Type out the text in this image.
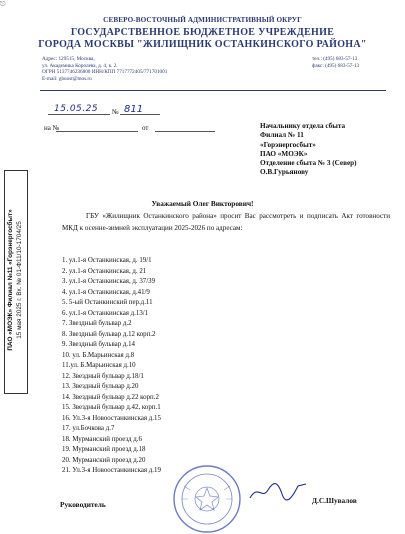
⎋
СЕВЕРО-ВОСТОЧНЫЙ АДМИНИСТРАТИВНЫЙ ОКРУГ
ГОСУДАРСТВЕННОЕ БЮДЖЕТНОЕ УЧРЕЖДЕНИЕ
ГОРОДА МОСКВЫ "ЖИЛИЩНИК ОСТАНКИНСКОГО РАЙОНА"
Адрес: 129515, Москва,
ул. Академика Королева, д. 4, к. 2.
ОГРН 5137746236800 ИНН/КПП 7717772405/771701001
E-mail: gbuost@mos.ru
тел.: (495) 683-57-13
факс: (495) 683-57-13
15.05.25 № 811
на №	от	Начальнику отдела сбыта
Филиал № 11
«Горэнергосбыт»
ПАО «МОЭК»
Отделение сбыта № 3 (Север)
О.В.Гурьянову
ПАО «МОЭК» Филиал №11 «Горэнергосбыт» 15 мая 2025 г. Вх. № 01-Ф11/10-1704/25
Уважаемый Олег Викторович!
ГБУ «Жилищник Останкинского района» просит Вас рассмотреть и подписать Акт готовности МКД к осенне-зимней эксплуатации 2025-2026 по адресам:
1. ул.1-я Останкинская, д. 19/1
2. ул.1-я Останкинская, д. 21
3. ул.1-я Останкинская, д. 37/39
4. ул.1-я Останкинская, д.41/9
5. 5-ый Останкинский пер.д.11
6. ул.1-я Останкинская д.13/1
7. Звездный бульвар д.2
8. Звездный бульвар д.12 корп.2
9. Звездный бульвар д.14
10. ул. Б.Марьинская д.8
11.ул. Б.Марьинская д.10
12. Звездный бульвар д.18/1
13. Звездный бульвар д.20
14. Звездный бульвар д.22 корп.2
15. Звездный бульвар д.42, корп.1
16. Ул.3-я Новоостанкинская д.15
17. ул.Бочкова д.7
18. Мурманский проезд д.6
19. Мурманский проезд д.18
20. Мурманский проезд д.20
21. Ул.3-я Новоостанкинская д.19
Руководитель	Д.С.Шувалов
